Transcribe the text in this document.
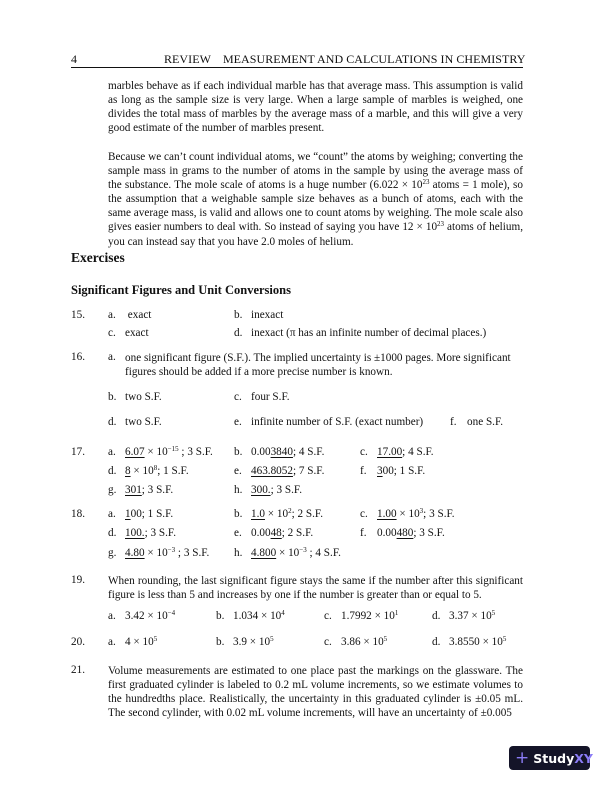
4	REVIEW MEASUREMENT AND CALCULATIONS IN CHEMISTRY
marbles behave as if each individual marble has that average mass. This assumption is valid as long as the sample size is very large. When a large sample of marbles is weighed, one divides the total mass of marbles by the average mass of a marble, and this will give a very good estimate of the number of marbles present.
Because we can’t count individual atoms, we “count” the atoms by weighing; converting the sample mass in grams to the number of atoms in the sample by using the average mass of the substance. The mole scale of atoms is a huge number ($6.022 \times 10^{23}$ atoms = 1 mole), so the assumption that a weighable sample size behaves as a bunch of atoms, each with the same average mass, is valid and allows one to count atoms by weighing. The mole scale also gives easier numbers to deal with. So instead of saying you have $12 \times 10^{23}$ atoms of helium, you can instead say that you have 2.0 moles of helium.
Exercises
Significant Figures and Unit Conversions
15. a. exact	b. inexact
c. exact	d. inexact (π has an infinite number of decimal places.)
16. a. one significant figure (S.F.). The implied uncertainty is ±1000 pages. More significant figures should be added if a more precise number is known.
b. two S.F.	c. four S.F.
d. two S.F.	e. infinite number of S.F. (exact number) f. one S.F.
17. a. $6.07 \times 10^{-15}$ ; 3 S.F. b. 0.003840; 4 S.F.	c. 17.00; 4 S.F.
d. $8 \times 10^8$; 1 S.F.	e. 463.8052; 7 S.F.	f. 300; 1 S.F.
g. 301; 3 S.F.	h. 300.; 3 S.F.
18. a. 100; 1 S.F.	b. $1.0 \times 10^2$; 2 S.F.	c. $1.00 \times 10^3$; 3 S.F.
d. 100.; 3 S.F.	e. 0.0048; 2 S.F.	f. 0.00480; 3 S.F.
g. $4.80 \times 10^{-3}$ ; 3 S.F. h. $4.800 \times 10^{-3}$ ; 4 S.F.
19. When rounding, the last significant figure stays the same if the number after this significant figure is less than 5 and increases by one if the number is greater than or equal to 5.
a. $3.42 \times 10^{-4}$	b. $1.034 \times 10^4$	c. $1.7992 \times 10^1$	d. $3.37 \times 10^5$
20. a. $4 \times 10^5$	b. $3.9 \times 10^5$	c. $3.86 \times 10^5$	d. $3.8550 \times 10^5$
21. Volume measurements are estimated to one place past the markings on the glassware. The first graduated cylinder is labeled to 0.2 mL volume increments, so we estimate volumes to the hundredths place. Realistically, the uncertainty in this graduated cylinder is ±0.05 mL. The second cylinder, with 0.02 mL volume increments, will have an uncertainty of ±0.005
+ StudyXY
